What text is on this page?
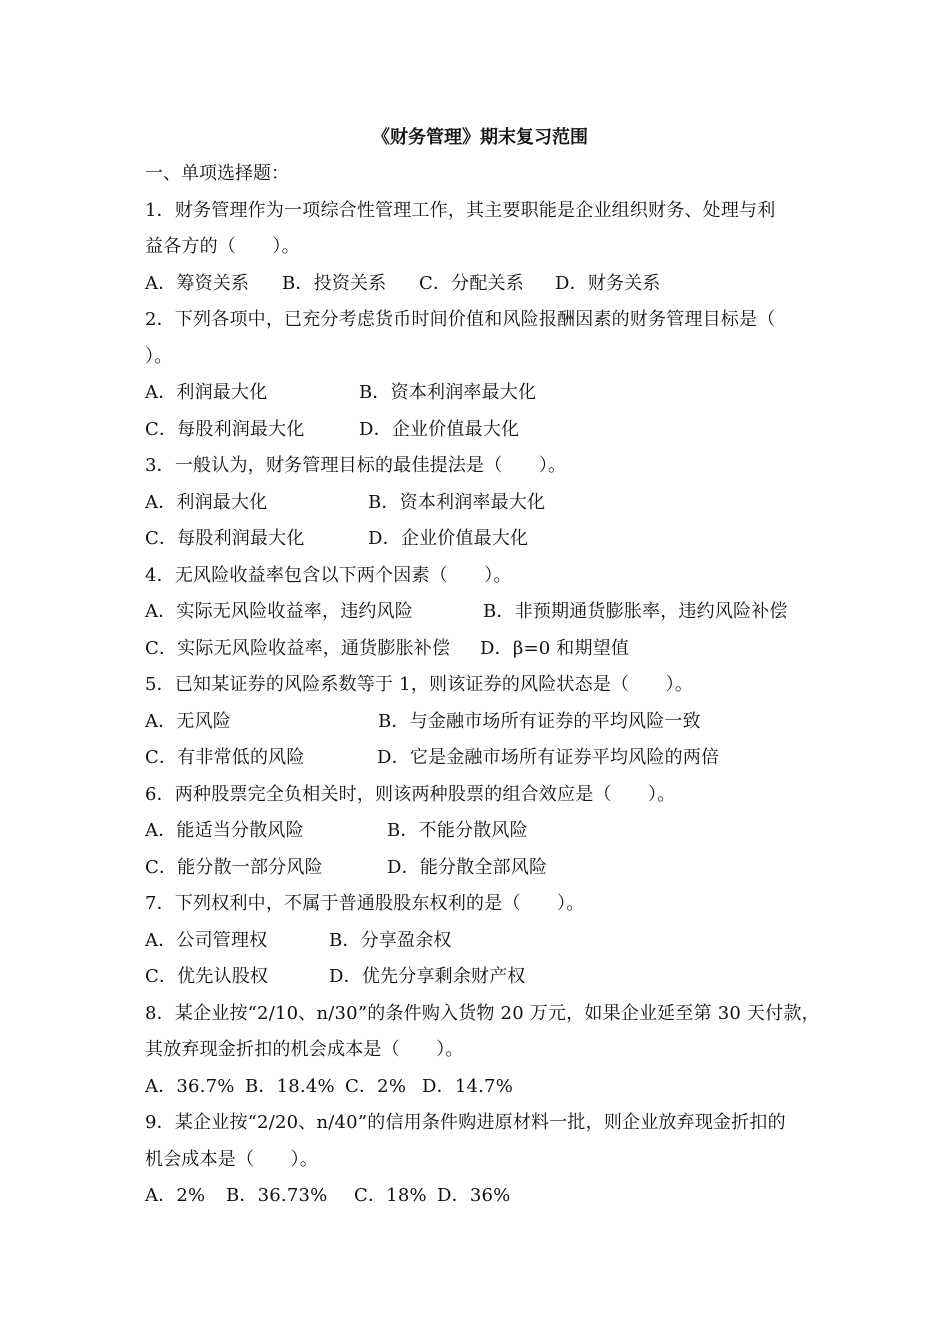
《财务管理》期末复习范围
一、单项选择题：
1．财务管理作为一项综合性管理工作，其主要职能是企业组织财务、处理与利
益各方的（　　）。
A．筹资关系	B．投资关系	C．分配关系	D．财务关系
2．下列各项中，已充分考虑货币时间价值和风险报酬因素的财务管理目标是（
）。
A．利润最大化	B．资本利润率最大化
C．每股利润最大化	D．企业价值最大化
3．一般认为，财务管理目标的最佳提法是（　　）。
A．利润最大化	B．资本利润率最大化
C．每股利润最大化	D．企业价值最大化
4．无风险收益率包含以下两个因素（　　）。
A．实际无风险收益率，违约风险	B．非预期通货膨胀率，违约风险补偿
C．实际无风险收益率，通货膨胀补偿	D．β=0 和期望值
5．已知某证券的风险系数等于 1，则该证券的风险状态是（　　）。
A．无风险	B．与金融市场所有证券的平均风险一致
C．有非常低的风险	D．它是金融市场所有证券平均风险的两倍
6．两种股票完全负相关时，则该两种股票的组合效应是（　　）。
A．能适当分散风险	B．不能分散风险
C．能分散一部分风险	D．能分散全部风险
7．下列权利中，不属于普通股股东权利的是（　　）。
A．公司管理权	B．分享盈余权
C．优先认股权	D．优先分享剩余财产权
8．某企业按“2/10、n/30”的条件购入货物 20 万元，如果企业延至第 30 天付款，
其放弃现金折扣的机会成本是（　　）。
A．36.7% B．18.4% C．2% D．14.7%
9．某企业按“2/20、n/40”的信用条件购进原材料一批，则企业放弃现金折扣的
机会成本是（　　）。
A．2%	B．36.73%	C．18% D．36%
